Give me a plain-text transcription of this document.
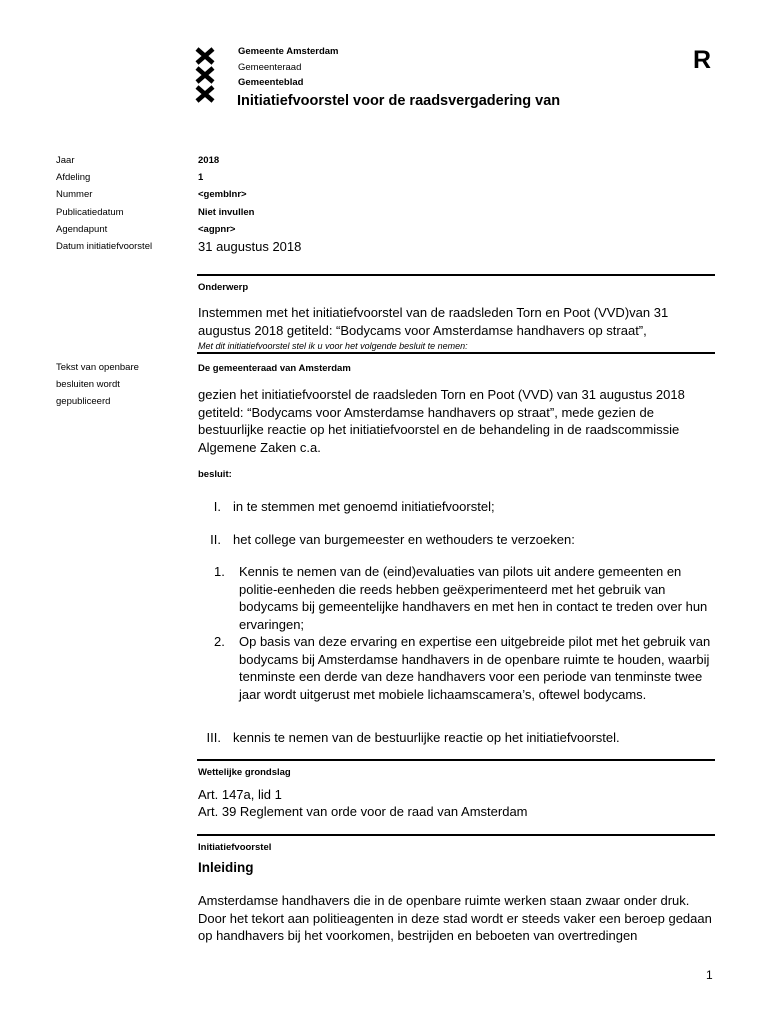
Gemeente Amsterdam
Gemeenteraad
Gemeenteblad
Initiatiefvoorstel voor de raadsvergadering van
R
Jaar
Afdeling
Nummer
Publicatiedatum
Agendapunt
Datum initiatiefvoorstel
2018
1
<gemblnr>
Niet invullen
<agpnr>
31 augustus 2018
Onderwerp
Instemmen met het initiatiefvoorstel van de raadsleden Torn en Poot (VVD)van 31 augustus 2018 getiteld: “Bodycams voor Amsterdamse handhavers op straat”,
Met dit initiatiefvoorstel stel ik u voor het volgende besluit te nemen:
Tekst van openbare besluiten wordt gepubliceerd
De gemeenteraad van Amsterdam
gezien het initiatiefvoorstel de raadsleden Torn en Poot (VVD) van 31 augustus 2018 getiteld: “Bodycams voor Amsterdamse handhavers op straat”, mede gezien de bestuurlijke reactie op het initiatiefvoorstel en de behandeling in de raadscommissie Algemene Zaken c.a.
besluit:
I. in te stemmen met genoemd initiatiefvoorstel;
II. het college van burgemeester en wethouders te verzoeken:
1. Kennis te nemen van de (eind)evaluaties van pilots uit andere gemeenten en politie-eenheden die reeds hebben geëxperimenteerd met het gebruik van bodycams bij gemeentelijke handhavers en met hen in contact te treden over hun ervaringen;
2. Op basis van deze ervaring en expertise een uitgebreide pilot met het gebruik van bodycams bij Amsterdamse handhavers in de openbare ruimte te houden, waarbij tenminste een derde van deze handhavers voor een periode van tenminste twee jaar wordt uitgerust met mobiele lichaamscamera’s, oftewel bodycams.
III. kennis te nemen van de bestuurlijke reactie op het initiatiefvoorstel.
Wettelijke grondslag
Art. 147a, lid 1
Art. 39 Reglement van orde voor de raad van Amsterdam
Initiatiefvoorstel
Inleiding
Amsterdamse handhavers die in de openbare ruimte werken staan zwaar onder druk. Door het tekort aan politieagenten in deze stad wordt er steeds vaker een beroep gedaan op handhavers bij het voorkomen, bestrijden en beboeten van overtredingen
1
